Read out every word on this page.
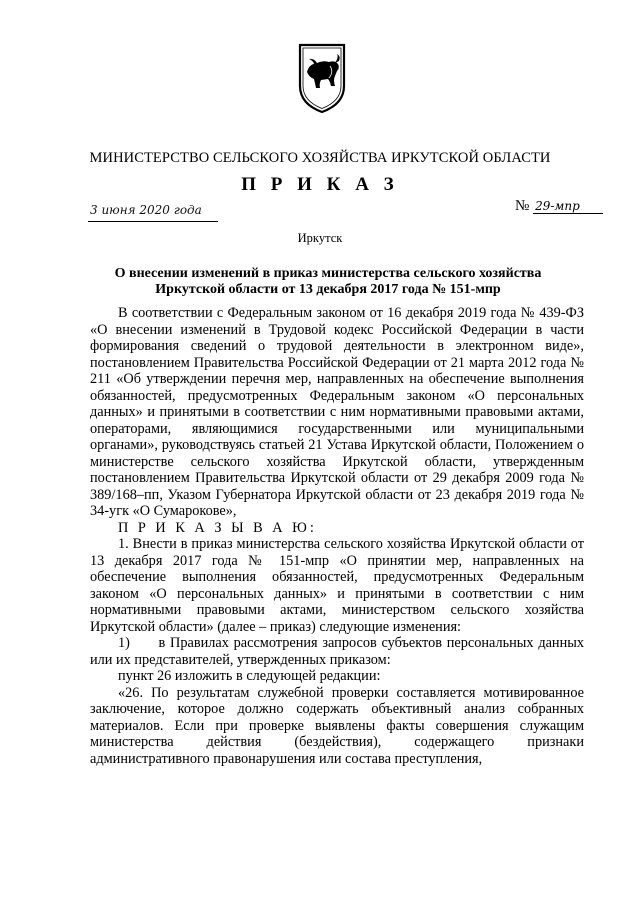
МИНИСТЕРСТВО СЕЛЬСКОГО ХОЗЯЙСТВА ИРКУТСКОЙ ОБЛАСТИ
П Р И К А З
3 июня 2020 года	№ 29-мпр
Иркутск
О внесении изменений в приказ министерства сельского хозяйства
Иркутской области от 13 декабря 2017 года № 151-мпр

В соответствии с Федеральным законом от 16 декабря 2019 года № 439-ФЗ «О внесении изменений в Трудовой кодекс Российской Федерации в части формирования сведений о трудовой деятельности в электронном виде», постановлением Правительства Российской Федерации от 21 марта 2012 года № 211 «Об утверждении перечня мер, направленных на обеспечение выполнения обязанностей, предусмотренных Федеральным законом «О персональных данных» и принятыми в соответствии с ним нормативными правовыми актами, операторами, являющимися государственными или муниципальными органами», руководствуясь статьей 21 Устава Иркутской области, Положением о министерстве сельского хозяйства Иркутской области, утвержденным постановлением Правительства Иркутской области от 29 декабря 2009 года № 389/168–пп, Указом Губернатора Иркутской области от 23 декабря 2019 года № 34-угк «О Сумарокове»,

П Р И К А З Ы В А Ю:

1. Внести в приказ министерства сельского хозяйства Иркутской области от 13 декабря 2017 года № 151-мпр «О принятии мер, направленных на обеспечение выполнения обязанностей, предусмотренных Федеральным законом «О персональных данных» и принятыми в соответствии с ним нормативными правовыми актами, министерством сельского хозяйства Иркутской области» (далее – приказ) следующие изменения:

1)      в Правилах рассмотрения запросов субъектов персональных данных или их представителей, утвержденных приказом:

пункт 26 изложить в следующей редакции:

«26. По результатам служебной проверки составляется мотивированное заключение, которое должно содержать объективный анализ собранных материалов. Если при проверке выявлены факты совершения служащим министерства действия (бездействия), содержащего признаки административного правонарушения или состава преступления,
